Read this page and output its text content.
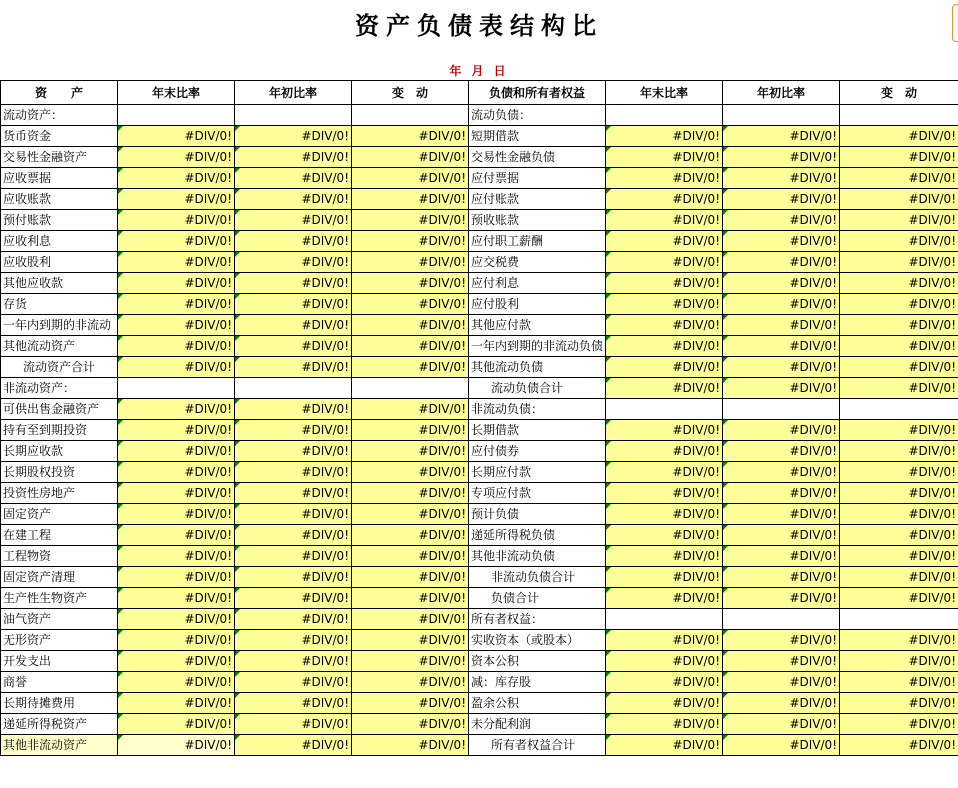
资产负债表结构比
年 月 日
资　　产	年末比率	年初比率	变　动	负债和所有者权益	年末比率	年初比率	变　动
流动资产：				流动负债：			
货币资金	#DIV/0!	#DIV/0!	#DIV/0!	短期借款	#DIV/0!	#DIV/0!	#DIV/0!
交易性金融资产	#DIV/0!	#DIV/0!	#DIV/0!	交易性金融负债	#DIV/0!	#DIV/0!	#DIV/0!
应收票据	#DIV/0!	#DIV/0!	#DIV/0!	应付票据	#DIV/0!	#DIV/0!	#DIV/0!
应收账款	#DIV/0!	#DIV/0!	#DIV/0!	应付账款	#DIV/0!	#DIV/0!	#DIV/0!
预付账款	#DIV/0!	#DIV/0!	#DIV/0!	预收账款	#DIV/0!	#DIV/0!	#DIV/0!
应收利息	#DIV/0!	#DIV/0!	#DIV/0!	应付职工薪酬	#DIV/0!	#DIV/0!	#DIV/0!
应收股利	#DIV/0!	#DIV/0!	#DIV/0!	应交税费	#DIV/0!	#DIV/0!	#DIV/0!
其他应收款	#DIV/0!	#DIV/0!	#DIV/0!	应付利息	#DIV/0!	#DIV/0!	#DIV/0!
存货	#DIV/0!	#DIV/0!	#DIV/0!	应付股利	#DIV/0!	#DIV/0!	#DIV/0!
一年内到期的非流动	#DIV/0!	#DIV/0!	#DIV/0!	其他应付款	#DIV/0!	#DIV/0!	#DIV/0!
其他流动资产	#DIV/0!	#DIV/0!	#DIV/0!	一年内到期的非流动负债	#DIV/0!	#DIV/0!	#DIV/0!
流动资产合计	#DIV/0!	#DIV/0!	#DIV/0!	其他流动负债	#DIV/0!	#DIV/0!	#DIV/0!
非流动资产：				流动负债合计	#DIV/0!	#DIV/0!	#DIV/0!
可供出售金融资产	#DIV/0!	#DIV/0!	#DIV/0!	非流动负债：			
持有至到期投资	#DIV/0!	#DIV/0!	#DIV/0!	长期借款	#DIV/0!	#DIV/0!	#DIV/0!
长期应收款	#DIV/0!	#DIV/0!	#DIV/0!	应付债券	#DIV/0!	#DIV/0!	#DIV/0!
长期股权投资	#DIV/0!	#DIV/0!	#DIV/0!	长期应付款	#DIV/0!	#DIV/0!	#DIV/0!
投资性房地产	#DIV/0!	#DIV/0!	#DIV/0!	专项应付款	#DIV/0!	#DIV/0!	#DIV/0!
固定资产	#DIV/0!	#DIV/0!	#DIV/0!	预计负债	#DIV/0!	#DIV/0!	#DIV/0!
在建工程	#DIV/0!	#DIV/0!	#DIV/0!	递延所得税负债	#DIV/0!	#DIV/0!	#DIV/0!
工程物资	#DIV/0!	#DIV/0!	#DIV/0!	其他非流动负债	#DIV/0!	#DIV/0!	#DIV/0!
固定资产清理	#DIV/0!	#DIV/0!	#DIV/0!	非流动负债合计	#DIV/0!	#DIV/0!	#DIV/0!
生产性生物资产	#DIV/0!	#DIV/0!	#DIV/0!	负债合计	#DIV/0!	#DIV/0!	#DIV/0!
油气资产	#DIV/0!	#DIV/0!	#DIV/0!	所有者权益：			
无形资产	#DIV/0!	#DIV/0!	#DIV/0!	实收资本（或股本）	#DIV/0!	#DIV/0!	#DIV/0!
开发支出	#DIV/0!	#DIV/0!	#DIV/0!	资本公积	#DIV/0!	#DIV/0!	#DIV/0!
商誉	#DIV/0!	#DIV/0!	#DIV/0!	减：库存股	#DIV/0!	#DIV/0!	#DIV/0!
长期待摊费用	#DIV/0!	#DIV/0!	#DIV/0!	盈余公积	#DIV/0!	#DIV/0!	#DIV/0!
递延所得税资产	#DIV/0!	#DIV/0!	#DIV/0!	未分配利润	#DIV/0!	#DIV/0!	#DIV/0!
其他非流动资产	#DIV/0!	#DIV/0!	#DIV/0!	所有者权益合计	#DIV/0!	#DIV/0!	#DIV/0!
